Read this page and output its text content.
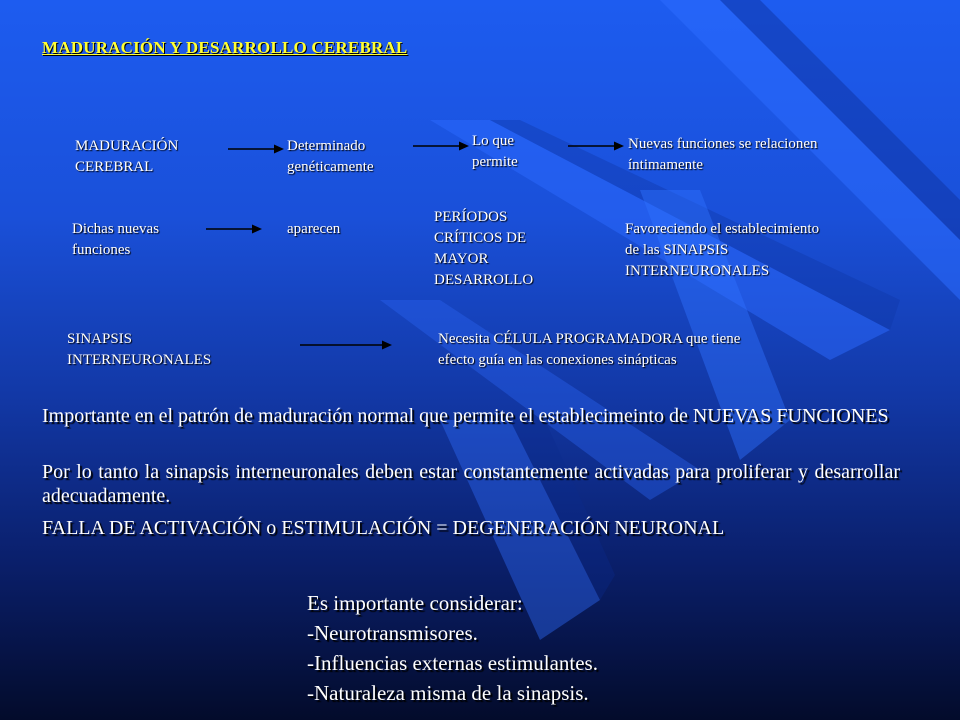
MADURACIÓN Y DESARROLLO CEREBRAL
MADURACIÓN CEREBRAL
Determinado genéticamente
Lo que permite
Nuevas funciones se relacionen íntimamente
Dichas nuevas funciones
aparecen
PERÍODOS CRÍTICOS DE MAYOR DESARROLLO
Favoreciendo el establecimiento de las SINAPSIS INTERNEURONALES
SINAPSIS INTERNEURONALES
Necesita CÉLULA PROGRAMADORA que tiene efecto guía en las conexiones sinápticas

Importante en el patrón de maduración normal que permite el establecimeinto de NUEVAS FUNCIONES

Por lo tanto la sinapsis interneuronales deben estar constantemente activadas para proliferar y desarrollar adecuadamente.

FALLA DE ACTIVACIÓN o ESTIMULACIÓN = DEGENERACIÓN NEURONAL

Es importante considerar:
-Neurotransmisores.
-Influencias externas estimulantes.
-Naturaleza misma de la sinapsis.
